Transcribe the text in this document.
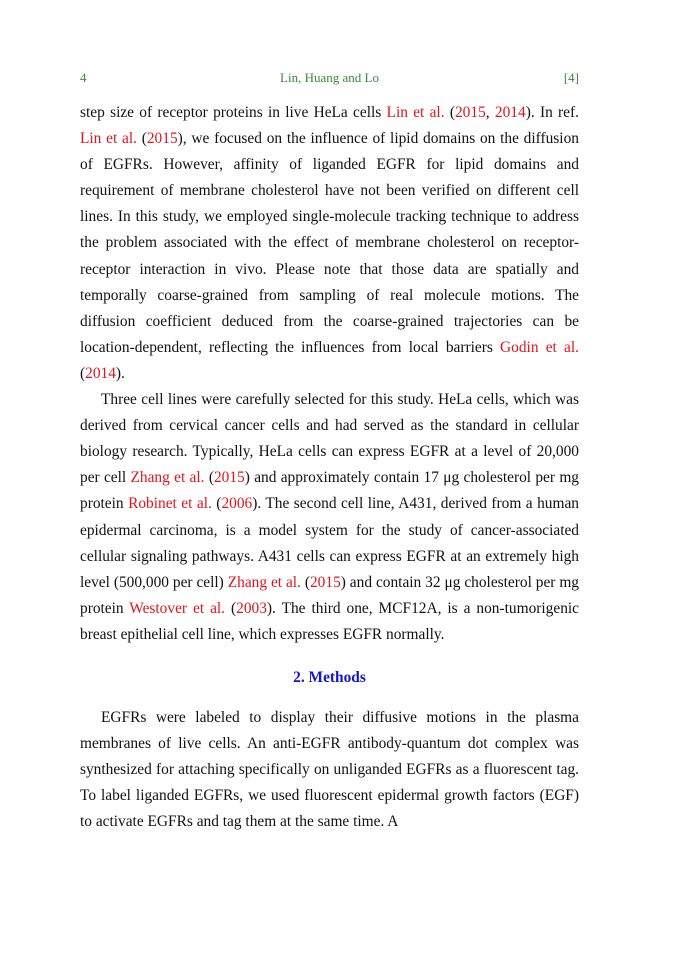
4	Lin, Huang and Lo	[4]

step size of receptor proteins in live HeLa cells Lin et al. (2015, 2014). In ref. Lin et al. (2015), we focused on the influence of lipid domains on the diffusion of EGFRs. However, affinity of liganded EGFR for lipid domains and requirement of membrane cholesterol have not been verified on different cell lines. In this study, we employed single-molecule tracking technique to address the problem associated with the effect of membrane cholesterol on receptor-receptor interaction in vivo. Please note that those data are spatially and temporally coarse-grained from sampling of real molecule motions. The diffusion coefficient deduced from the coarse-grained trajectories can be location-dependent, reflecting the influences from local barriers Godin et al. (2014).

Three cell lines were carefully selected for this study. HeLa cells, which was derived from cervical cancer cells and had served as the standard in cellular biology research. Typically, HeLa cells can express EGFR at a level of 20,000 per cell Zhang et al. (2015) and approximately contain 17 μg cholesterol per mg protein Robinet et al. (2006). The second cell line, A431, derived from a human epidermal carcinoma, is a model system for the study of cancer-associated cellular signaling pathways. A431 cells can express EGFR at an extremely high level (500,000 per cell) Zhang et al. (2015) and contain 32 μg cholesterol per mg protein Westover et al. (2003). The third one, MCF12A, is a non-tumorigenic breast epithelial cell line, which expresses EGFR normally.

2. Methods

EGFRs were labeled to display their diffusive motions in the plasma membranes of live cells. An anti-EGFR antibody-quantum dot complex was synthesized for attaching specifically on unliganded EGFRs as a fluorescent tag. To label liganded EGFRs, we used fluorescent epidermal growth factors (EGF) to activate EGFRs and tag them at the same time. A
